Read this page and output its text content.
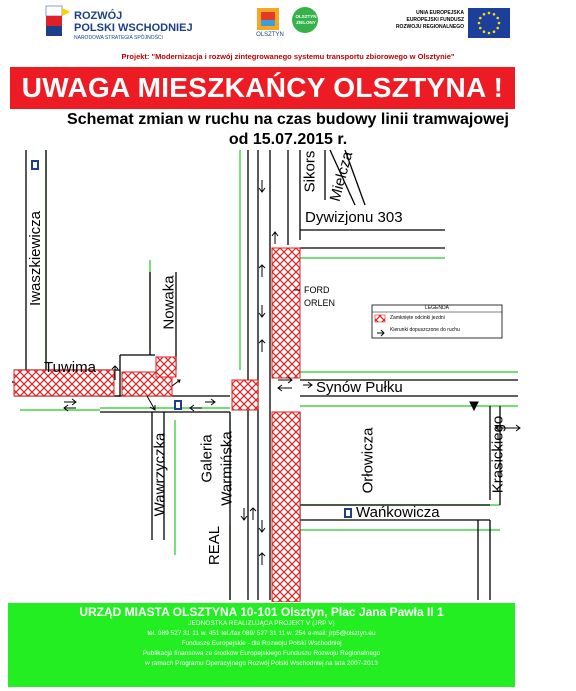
ROZWÓJ
POLSKI WSCHODNIEJ
NARODOWA STRATEGIA SPÓJNOŚCI	OLSZTYN
OLSZTYN ZIELONY
UNIA EUROPEJSKA
EUROPEJSKI FUNDUSZ
ROZWOJU REGIONALNEGO
Projekt: "Modernizacja i rozwój zintegrowanego systemu transportu zbiorowego w Olsztynie"
UWAGA MIESZKAŃCY OLSZTYNA !
Schemat zmian w ruchu na czas budowy linii tramwajowej
od 15.07.2015 r.
LEGENDA
Zamknięte odcinki jezdni
Kierunki dopuszczone do ruchu
Iwaszkiewicza	Nowaka
Tuwima
Wawrzyczka Galeria Warmińska
REAL
Sikors Mielcza
Dywizjonu 303
FORD
ORLEN
Synów Pułku
Orłowicza	Krasickiego
Wańkowicza
URZĄD MIASTA OLSZTYNA 10-101 Olsztyn, Plac Jana Pawła II 1
JEDNOSTKA REALIZUJĄCA PROJEKT V (JRP V)
tel. 089 527 31 11 w. 451 tel./fax 089/ 527 31 11 w. 254 e-mail: jrp5@olsztyn.eu
Fundusze Europejskie - dla Rozwoju Polski Wschodniej
Publikacja finansowa ze środków Europejskiego Funduszu Rozwoju Regionalnego
w ramach Programu Operacyjnego Rozwój Polski Wschodniej na lata 2007-2013
